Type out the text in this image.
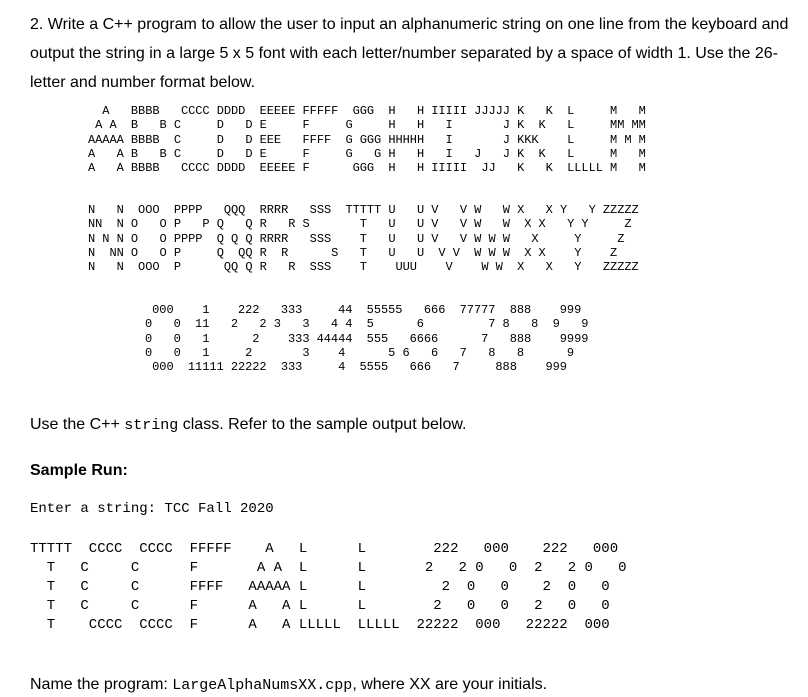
2. Write a C++ program to allow the user to input an alphanumeric string on one line from the keyboard and output the string in a large 5 x 5 font with each letter/number separated by a space of width 1. Use the 26-letter and number format below.

A   BBBB   CCCC DDDD  EEEEE FFFFF  GGG  H   H IIIII JJJJJ K   K  L     M   M
A A  B   B C     D   D E     F     G     H   H   I       J K  K   L     MM MM
AAAAA BBBB  C     D   D EEE   FFFF  G GGG HHHHH   I       J KKK    L     M M M
A   A B   B C     D   D E     F     G   G H   H   I   J   J K  K   L     M   M
A   A BBBB   CCCC DDDD  EEEEE F      GGG  H   H IIIII  JJ   K   K  LLLLL M   M
N   N  OOO  PPPP   QQQ  RRRR   SSS  TTTTT U   U V   V W   W X   X Y   Y ZZZZZ
NN  N O   O P   P Q   Q R   R S       T   U   U V   V W   W  X X   Y Y     Z
N N N O   O PPPP  Q Q Q RRRR   SSS    T   U   U V   V W W W   X     Y     Z
N  NN O   O P     Q  QQ R  R      S   T   U   U  V V  W W W  X X    Y    Z
N   N  OOO  P      QQ Q R   R  SSS    T    UUU    V    W W  X   X   Y   ZZZZZ
000    1    222   333     44  55555   666  77777  888    999
0   0  11   2   2 3   3   4 4  5      6         7 8   8  9   9
0   0   1      2    333 44444  555   6666      7   888    9999
0   0   1     2       3    4      5 6   6   7   8   8      9
000  11111 22222  333     4  5555   666   7     888    999

Use the C++ string class. Refer to the sample output below.

Sample Run:

Enter a string: TCC Fall 2020
TTTTT  CCCC  CCCC  FFFFF    A   L      L        222   000    222   000
T   C     C      F       A A  L      L       2   2 0   0  2   2 0   0
T   C     C      FFFF   AAAAA L      L         2  0   0    2  0   0
T   C     C      F      A   A L      L        2   0   0   2   0   0
T    CCCC  CCCC  F      A   A LLLLL  LLLLL  22222  000   22222  000

Name the program: LargeAlphaNumsXX.cpp, where XX are your initials.
